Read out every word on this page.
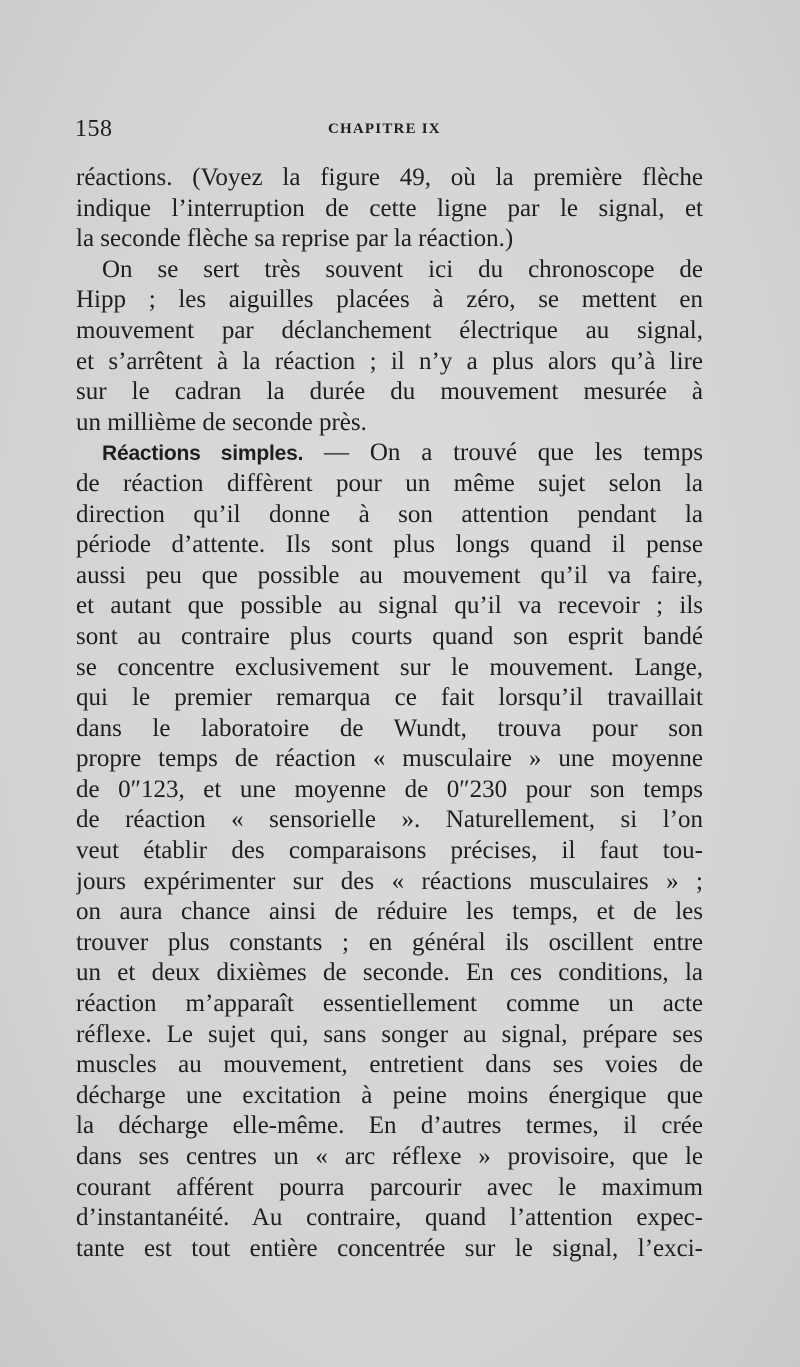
158	CHAPITRE IX
réactions. (Voyez la figure 49, où la première flèche
indique l’interruption de cette ligne par le signal, et
la seconde flèche sa reprise par la réaction.)
On se sert très souvent ici du chronoscope de
Hipp ; les aiguilles placées à zéro, se mettent en
mouvement par déclanchement électrique au signal,
et s’arrêtent à la réaction ; il n’y a plus alors qu’à lire
sur le cadran la durée du mouvement mesurée à
un millième de seconde près.
Réactions simples. — On a trouvé que les temps
de réaction diffèrent pour un même sujet selon la
direction qu’il donne à son attention pendant la
période d’attente. Ils sont plus longs quand il pense
aussi peu que possible au mouvement qu’il va faire,
et autant que possible au signal qu’il va recevoir ; ils
sont au contraire plus courts quand son esprit bandé
se concentre exclusivement sur le mouvement. Lange,
qui le premier remarqua ce fait lorsqu’il travaillait
dans le laboratoire de Wundt, trouva pour son
propre temps de réaction « musculaire » une moyenne
de 0″123, et une moyenne de 0″230 pour son temps
de réaction « sensorielle ». Naturellement, si l’on
veut établir des comparaisons précises, il faut tou-
jours expérimenter sur des « réactions musculaires » ;
on aura chance ainsi de réduire les temps, et de les
trouver plus constants ; en général ils oscillent entre
un et deux dixièmes de seconde. En ces conditions, la
réaction m’apparaît essentiellement comme un acte
réflexe. Le sujet qui, sans songer au signal, prépare ses
muscles au mouvement, entretient dans ses voies de
décharge une excitation à peine moins énergique que
la décharge elle-même. En d’autres termes, il crée
dans ses centres un « arc réflexe » provisoire, que le
courant afférent pourra parcourir avec le maximum
d’instantanéité. Au contraire, quand l’attention expec-
tante est tout entière concentrée sur le signal, l’exci-
